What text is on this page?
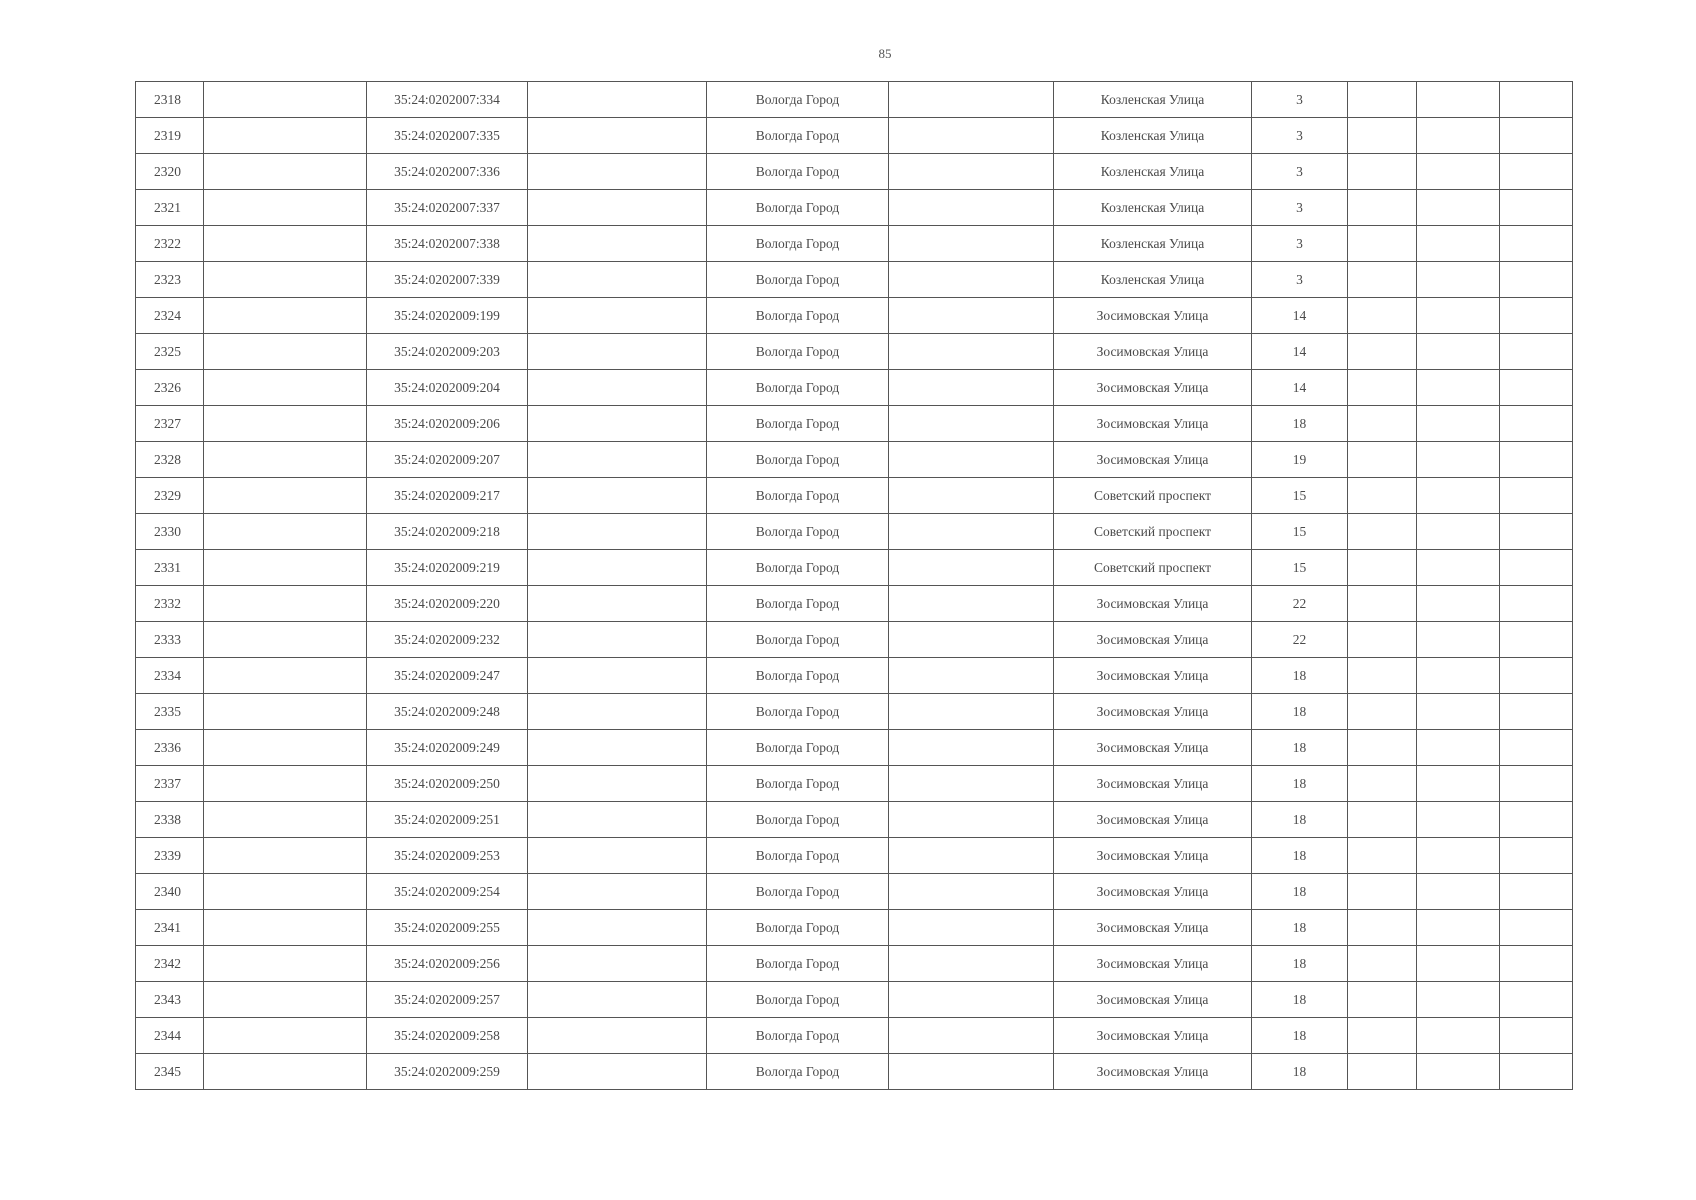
85
2318		35:24:0202007:334		Вологда Город		Козленская Улица	3			
2319		35:24:0202007:335		Вологда Город		Козленская Улица	3			
2320		35:24:0202007:336		Вологда Город		Козленская Улица	3			
2321		35:24:0202007:337		Вологда Город		Козленская Улица	3			
2322		35:24:0202007:338		Вологда Город		Козленская Улица	3			
2323		35:24:0202007:339		Вологда Город		Козленская Улица	3			
2324		35:24:0202009:199		Вологда Город		Зосимовская Улица	14			
2325		35:24:0202009:203		Вологда Город		Зосимовская Улица	14			
2326		35:24:0202009:204		Вологда Город		Зосимовская Улица	14			
2327		35:24:0202009:206		Вологда Город		Зосимовская Улица	18			
2328		35:24:0202009:207		Вологда Город		Зосимовская Улица	19			
2329		35:24:0202009:217		Вологда Город		Советский проспект	15			
2330		35:24:0202009:218		Вологда Город		Советский проспект	15			
2331		35:24:0202009:219		Вологда Город		Советский проспект	15			
2332		35:24:0202009:220		Вологда Город		Зосимовская Улица	22			
2333		35:24:0202009:232		Вологда Город		Зосимовская Улица	22			
2334		35:24:0202009:247		Вологда Город		Зосимовская Улица	18			
2335		35:24:0202009:248		Вологда Город		Зосимовская Улица	18			
2336		35:24:0202009:249		Вологда Город		Зосимовская Улица	18			
2337		35:24:0202009:250		Вологда Город		Зосимовская Улица	18			
2338		35:24:0202009:251		Вологда Город		Зосимовская Улица	18			
2339		35:24:0202009:253		Вологда Город		Зосимовская Улица	18			
2340		35:24:0202009:254		Вологда Город		Зосимовская Улица	18			
2341		35:24:0202009:255		Вологда Город		Зосимовская Улица	18			
2342		35:24:0202009:256		Вологда Город		Зосимовская Улица	18			
2343		35:24:0202009:257		Вологда Город		Зосимовская Улица	18			
2344		35:24:0202009:258		Вологда Город		Зосимовская Улица	18			
2345		35:24:0202009:259		Вологда Город		Зосимовская Улица	18			
